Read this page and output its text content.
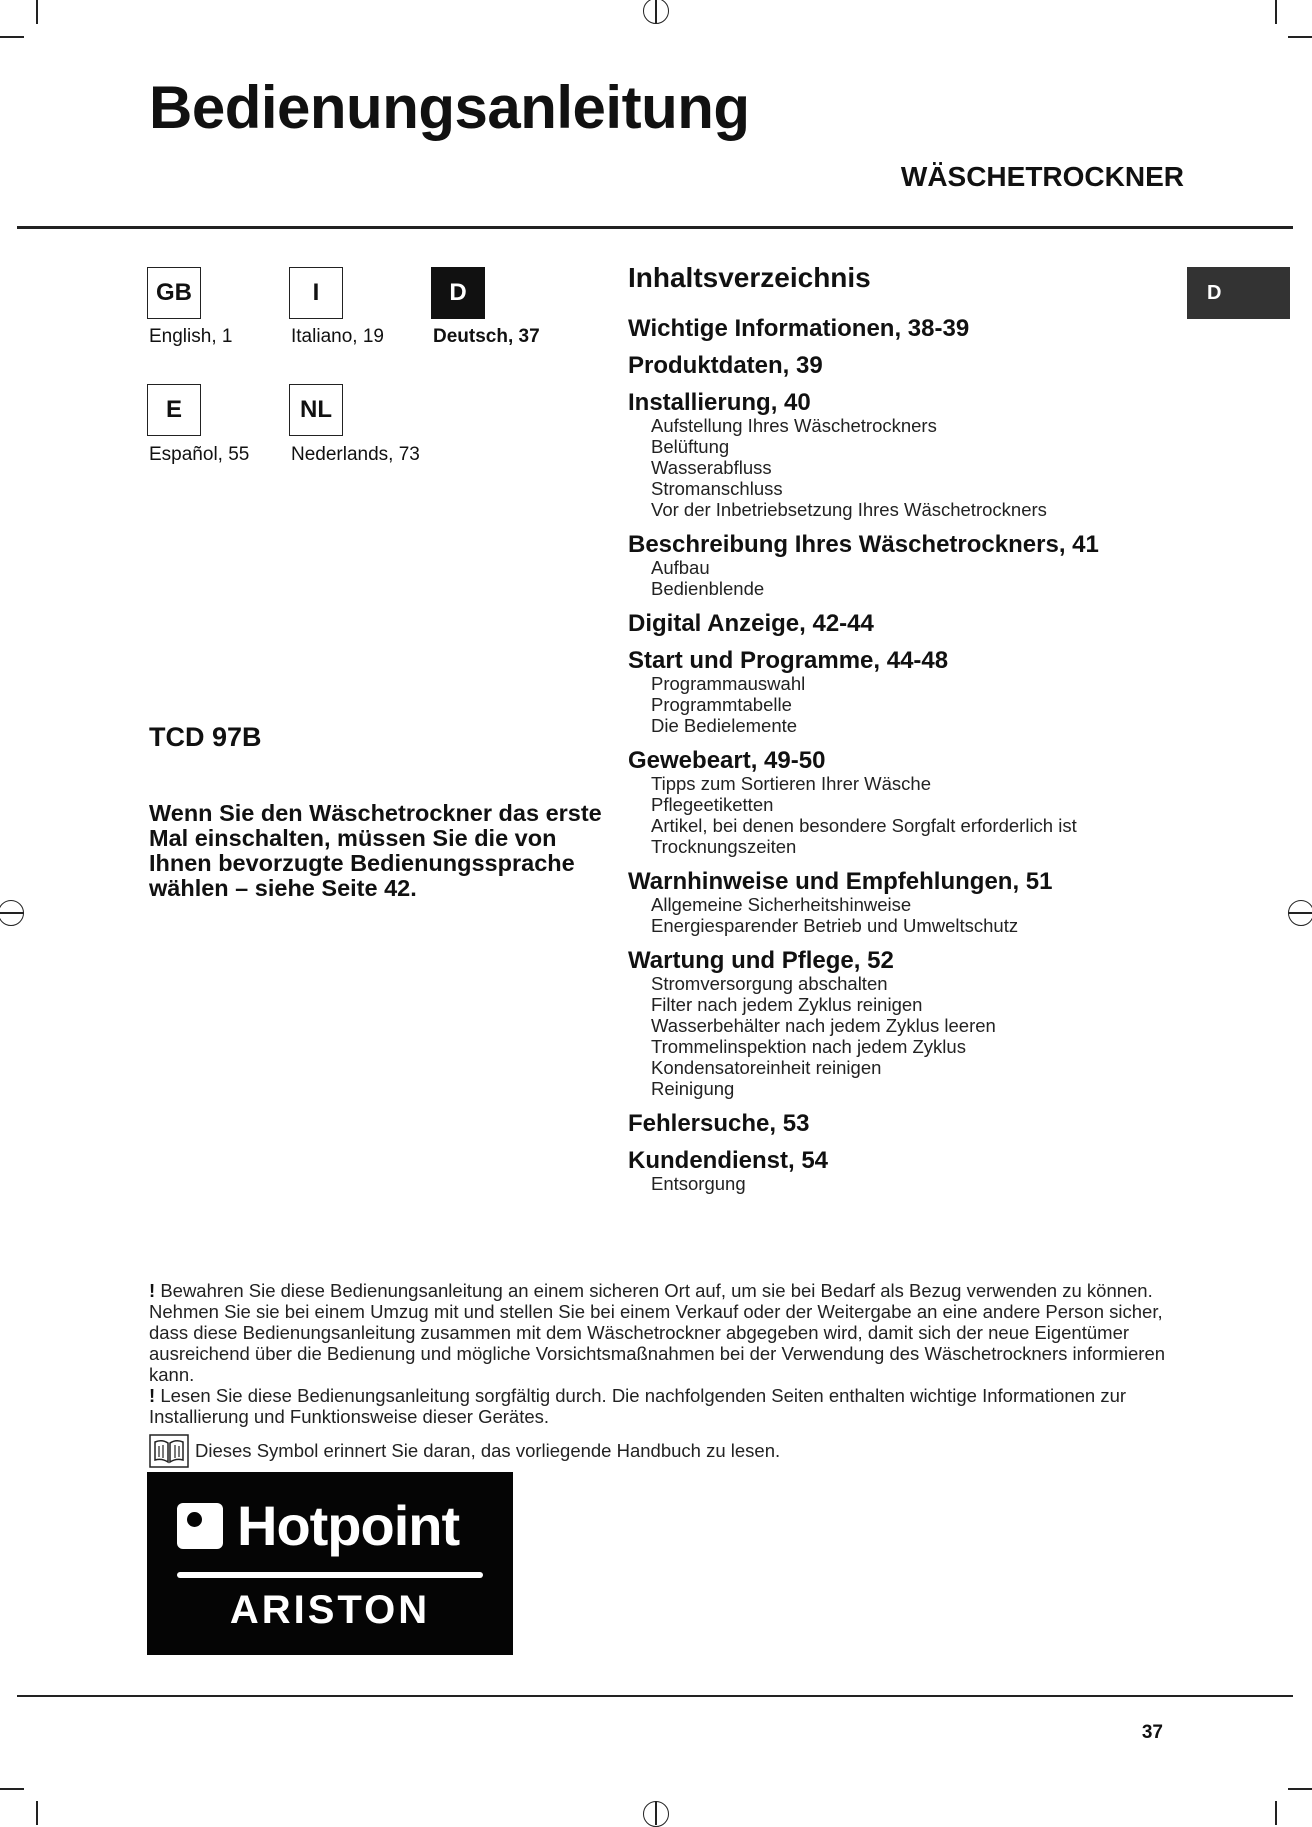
Bedienungsanleitung
WÄSCHETROCKNER
GB
English, 1
I
Italiano, 19
D
Deutsch, 37
E
Español, 55
NL
Nederlands, 73
D
TCD 97B
Wenn Sie den Wäschetrockner das erste Mal einschalten, müssen Sie die von Ihnen bevorzugte Bedienungssprache wählen – siehe Seite 42.
Inhaltsverzeichnis
Wichtige Informationen, 38-39
Produktdaten, 39
Installierung, 40
Aufstellung Ihres Wäschetrockners
Belüftung
Wasserabfluss
Stromanschluss
Vor der Inbetriebsetzung Ihres Wäschetrockners
Beschreibung Ihres Wäschetrockners, 41
Aufbau
Bedienblende
Digital Anzeige, 42-44
Start und Programme, 44-48
Programmauswahl
Programmtabelle
Die Bedielemente
Gewebeart, 49-50
Tipps zum Sortieren Ihrer Wäsche
Pflegeetiketten
Artikel, bei denen besondere Sorgfalt erforderlich ist
Trocknungszeiten
Warnhinweise und Empfehlungen, 51
Allgemeine Sicherheitshinweise
Energiesparender Betrieb und Umweltschutz
Wartung und Pflege, 52
Stromversorgung abschalten
Filter nach jedem Zyklus reinigen
Wasserbehälter nach jedem Zyklus leeren
Trommelinspektion nach jedem Zyklus
Kondensatoreinheit reinigen
Reinigung
Fehlersuche, 53
Kundendienst, 54
Entsorgung
! Bewahren Sie diese Bedienungsanleitung an einem sicheren Ort auf, um sie bei Bedarf als Bezug verwenden zu können. Nehmen Sie sie bei einem Umzug mit und stellen Sie bei einem Verkauf oder der Weitergabe an eine andere Person sicher, dass diese Bedienungsanleitung zusammen mit dem Wäschetrockner abgegeben wird, damit sich der neue Eigentümer ausreichend über die Bedienung und mögliche Vorsichtsmaßnahmen bei der Verwendung des Wäschetrockners informieren kann.
! Lesen Sie diese Bedienungsanleitung sorgfältig durch. Die nachfolgenden Seiten enthalten wichtige Informationen zur Installierung und Funktionsweise dieser Gerätes.
Dieses Symbol erinnert Sie daran, das vorliegende Handbuch zu lesen.
Hotpoint
ARISTON
37
